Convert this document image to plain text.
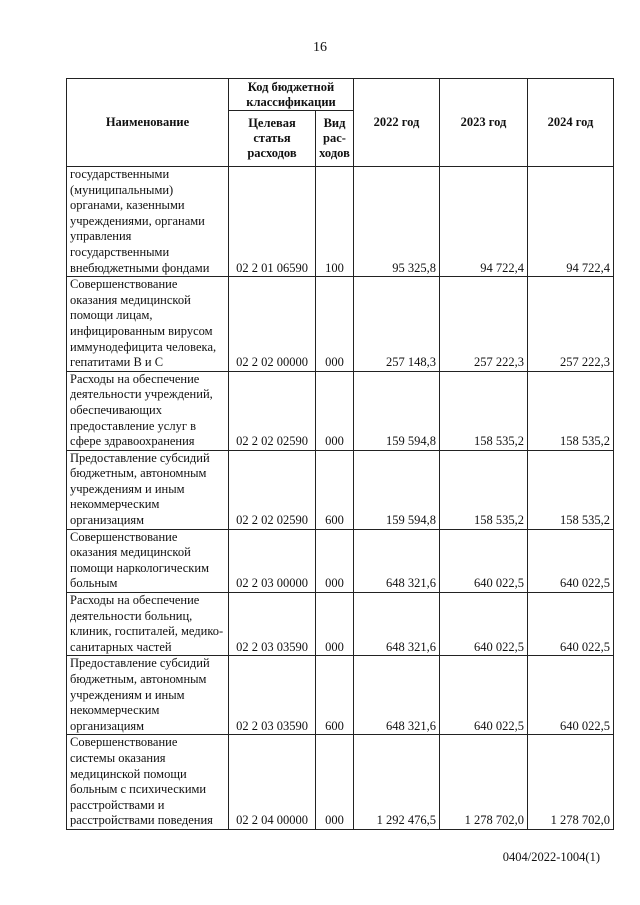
16
Наименование	Код бюджетной классификации		2022 год	2023 год	2024 год
	Целевая статья расходов	Вид рас-ходов			
государственными (муниципальными) органами, казенными учреждениями, органами управления государственными внебюджетными фондами	02 2 01 06590	100	95 325,8	94 722,4	94 722,4
Совершенствование оказания медицинской помощи лицам, инфицированным вирусом иммунодефицита человека, гепатитами В и С	02 2 02 00000	000	257 148,3	257 222,3	257 222,3
Расходы на обеспечение деятельности учреждений, обеспечивающих предоставление услуг в сфере здравоохранения	02 2 02 02590	000	159 594,8	158 535,2	158 535,2
Предоставление субсидий бюджетным, автономным учреждениям и иным некоммерческим организациям	02 2 02 02590	600	159 594,8	158 535,2	158 535,2
Совершенствование оказания медицинской помощи наркологическим больным	02 2 03 00000	000	648 321,6	640 022,5	640 022,5
Расходы на обеспечение деятельности больниц, клиник, госпиталей, медико-санитарных частей	02 2 03 03590	000	648 321,6	640 022,5	640 022,5
Предоставление субсидий бюджетным, автономным учреждениям и иным некоммерческим организациям	02 2 03 03590	600	648 321,6	640 022,5	640 022,5
Совершенствование системы оказания медицинской помощи больным с психическими расстройствами и расстройствами поведения	02 2 04 00000	000	1 292 476,5	1 278 702,0	1 278 702,0
0404/2022-1004(1)
